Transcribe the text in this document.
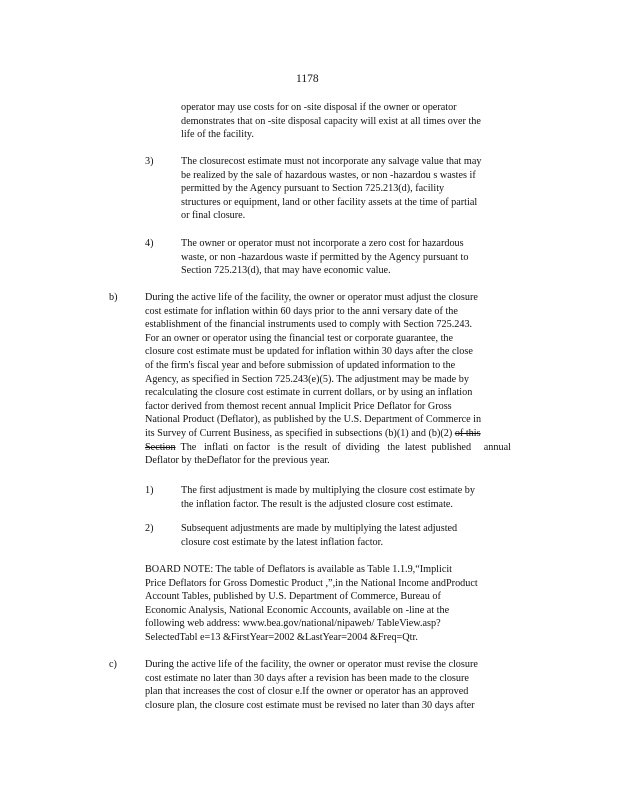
1178
operator may use costs for on -site disposal if the owner or operator
demonstrates that on -site disposal capacity will exist at all times over the
life of the facility.
3)	The closurecost estimate must not incorporate any salvage value that may
be realized by the sale of hazardous wastes, or non -hazardou s wastes if
permitted by the Agency pursuant to Section 725.213(d), facility
structures or equipment, land or other facility assets at the time of partial
or final closure.
4)	The owner or operator must not incorporate a zero cost for hazardous
waste, or non -hazardous waste if permitted by the Agency pursuant to
Section 725.213(d), that may have economic value.
b)	During the active life of the facility, the owner or operator must adjust the closure
cost estimate for inflation within 60 days prior to the anni versary date of the
establishment of the financial instruments used to comply with Section 725.243.
For an owner or operator using the financial test or corporate guarantee, the
closure cost estimate must be updated for inflation within 30 days after the close
of the firm's fiscal year and before submission of updated information to the
Agency, as specified in Section 725.243(e)(5). The adjustment may be made by
recalculating the closure cost estimate in current dollars, or by using an inflation
factor derived from themost recent annual Implicit Price Deflator for Gross
National Product (Deflator), as published by the U.S. Department of Commerce in
its Survey of Current Business, as specified in subsections (b)(1) and (b)(2) of this
Section  The   inflati  on factor   is the  result  of  dividing   the  latest  published     annual
Deflator by theDeflator for the previous year.
1)	The first adjustment is made by multiplying the closure cost estimate by
the inflation factor. The result is the adjusted closure cost estimate.
2)	Subsequent adjustments are made by multiplying the latest adjusted
closure cost estimate by the latest inflation factor.
BOARD NOTE: The table of Deflators is available as Table 1.1.9,“Implicit
Price Deflators for Gross Domestic Product ,”,in the National Income andProduct
Account Tables, published by U.S. Department of Commerce, Bureau of
Economic Analysis, National Economic Accounts, available on -line at the
following web address: www.bea.gov/national/nipaweb/ TableView.asp?
SelectedTabl e=13 &FirstYear=2002 &LastYear=2004 &Freq=Qtr.
c)	During the active life of the facility, the owner or operator must revise the closure
cost estimate no later than 30 days after a revision has been made to the closure
plan that increases the cost of closur e.If the owner or operator has an approved
closure plan, the closure cost estimate must be revised no later than 30 days after
